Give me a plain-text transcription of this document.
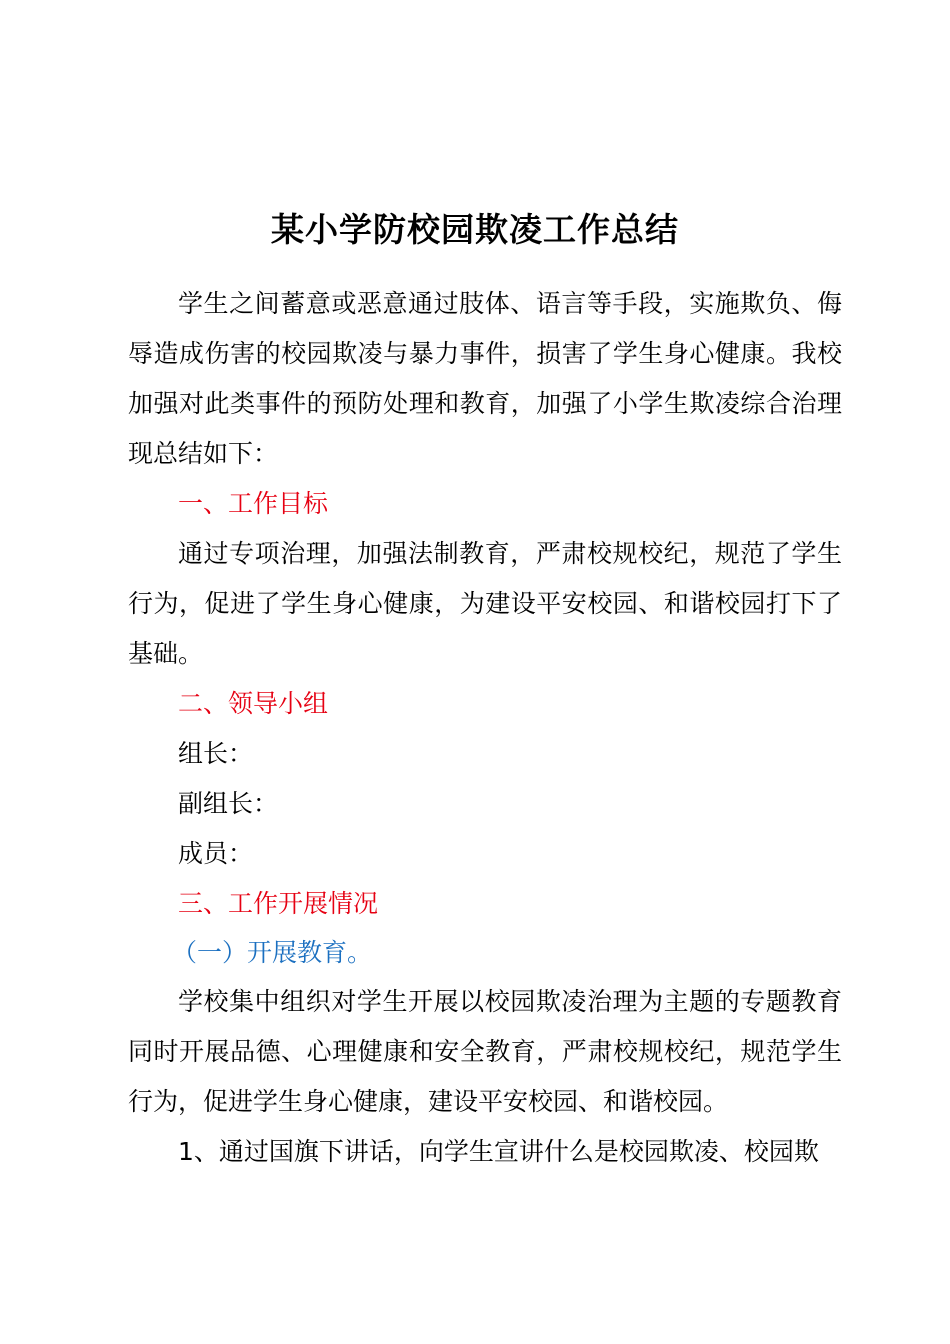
某小学防校园欺凌工作总结
学生之间蓄意或恶意通过肢体、语言等手段，实施欺负、侮
辱造成伤害的校园欺凌与暴力事件，损害了学生身心健康。我校
加强对此类事件的预防处理和教育，加强了小学生欺凌综合治理
现总结如下：
一、工作目标
通过专项治理，加强法制教育，严肃校规校纪，规范了学生
行为，促进了学生身心健康，为建设平安校园、和谐校园打下了
基础。
二、领导小组
组长：
副组长：
成员：
三、工作开展情况
（一）开展教育。
学校集中组织对学生开展以校园欺凌治理为主题的专题教育
同时开展品德、心理健康和安全教育，严肃校规校纪，规范学生
行为，促进学生身心健康，建设平安校园、和谐校园。
1、通过国旗下讲话，向学生宣讲什么是校园欺凌、校园欺
